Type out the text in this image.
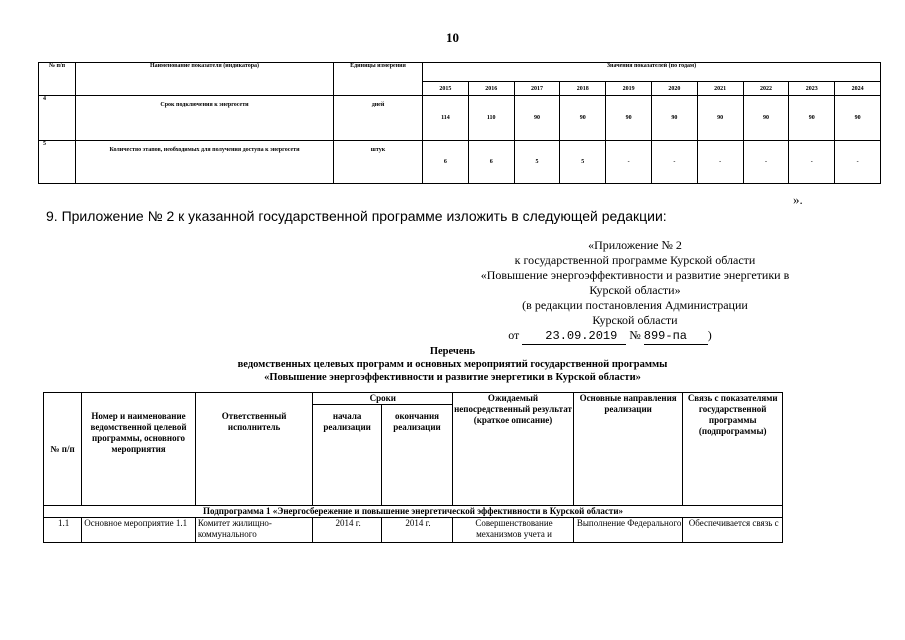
10
№ п/п	Наименование показателя (индикатора)	Единицы измерения	Значения показателей (по годам)									
			2015	2016	2017	2018	2019	2020	2021	2022	2023	2024
4	Срок подключения к энергосети	дней	114	110	90	90	90	90	90	90	90	90
5	Количество этапов, необходимых для получения доступа к энергосети	штук	6	6	5	5	-	-	-	-	-	-
».
9. Приложение № 2 к указанной государственной программе изложить в следующей редакции:
«Приложение № 2
к государственной программе Курской области
«Повышение энергоэффективности и развитие энергетики в
Курской области»
(в редакции постановления Администрации
Курской области
от 23.09.2019 № 899-па )
Перечень
ведомственных целевых программ и основных мероприятий государственной программы
«Повышение энергоэффективности и развитие энергетики в Курской области»
№ п/п	Номер и наименование ведомственной целевой программы, основного мероприятия	Ответственный исполнитель	Сроки		Ожидаемый непосредственный результат (краткое описание)	Основные направления реализации	Связь с показателями государственной программы (подпрограммы)
			начала реализации	окончания реализации			
Подпрограмма 1 «Энергосбережение и повышение энергетической эффективности в Курской области»							
1.1	Основное мероприятие 1.1	Комитет жилищно-коммунального	2014 г.	2014 г.	Совершенствование механизмов учета и	Выполнение Федерального	Обеспечивается связь с
